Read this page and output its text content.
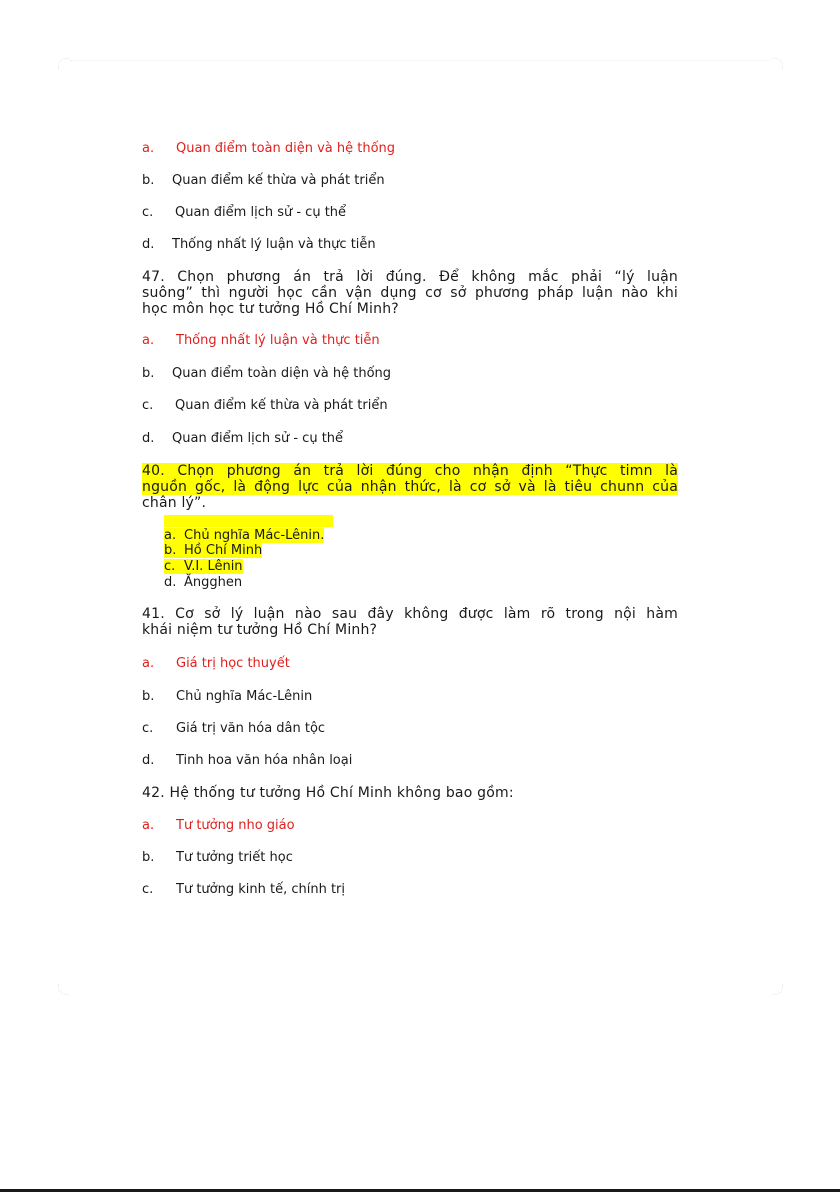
a. Quan điểm toàn diện và hệ thống
b. Quan điểm kế thừa và phát triển
c. Quan điểm lịch sử - cụ thể
d. Thống nhất lý luận và thực tiễn
47. Chọn phương án trả lời đúng. Để không mắc phải “lý luận
suông” thì người học cần vận dụng cơ sở phương pháp luận nào khi
học môn học tư tưởng Hồ Chí Minh?
a. Thống nhất lý luận và thực tiễn
b. Quan điểm toàn diện và hệ thống
c. Quan điểm kế thừa và phát triển
d. Quan điểm lịch sử - cụ thể
40. Chọn phương án trả lời đúng cho nhận định “Thực timn là
nguồn gốc, là động lực của nhận thức, là cơ sở và là tiêu chunn của
chân lý”.
a. Chủ nghĩa Mác-Lênin.
b. Hồ Chí Minh
c. V.I. Lênin
d. Ăngghen
41. Cơ sở lý luận nào sau đây không được làm rõ trong nội hàm
khái niệm tư tưởng Hồ Chí Minh?
a. Giá trị học thuyết
b. Chủ nghĩa Mác-Lênin
c. Giá trị văn hóa dân tộc
d. Tinh hoa văn hóa nhân loại
42. Hệ thống tư tưởng Hồ Chí Minh không bao gồm:
a. Tư tưởng nho giáo
b. Tư tưởng triết học
c. Tư tưởng kinh tế, chính trị
